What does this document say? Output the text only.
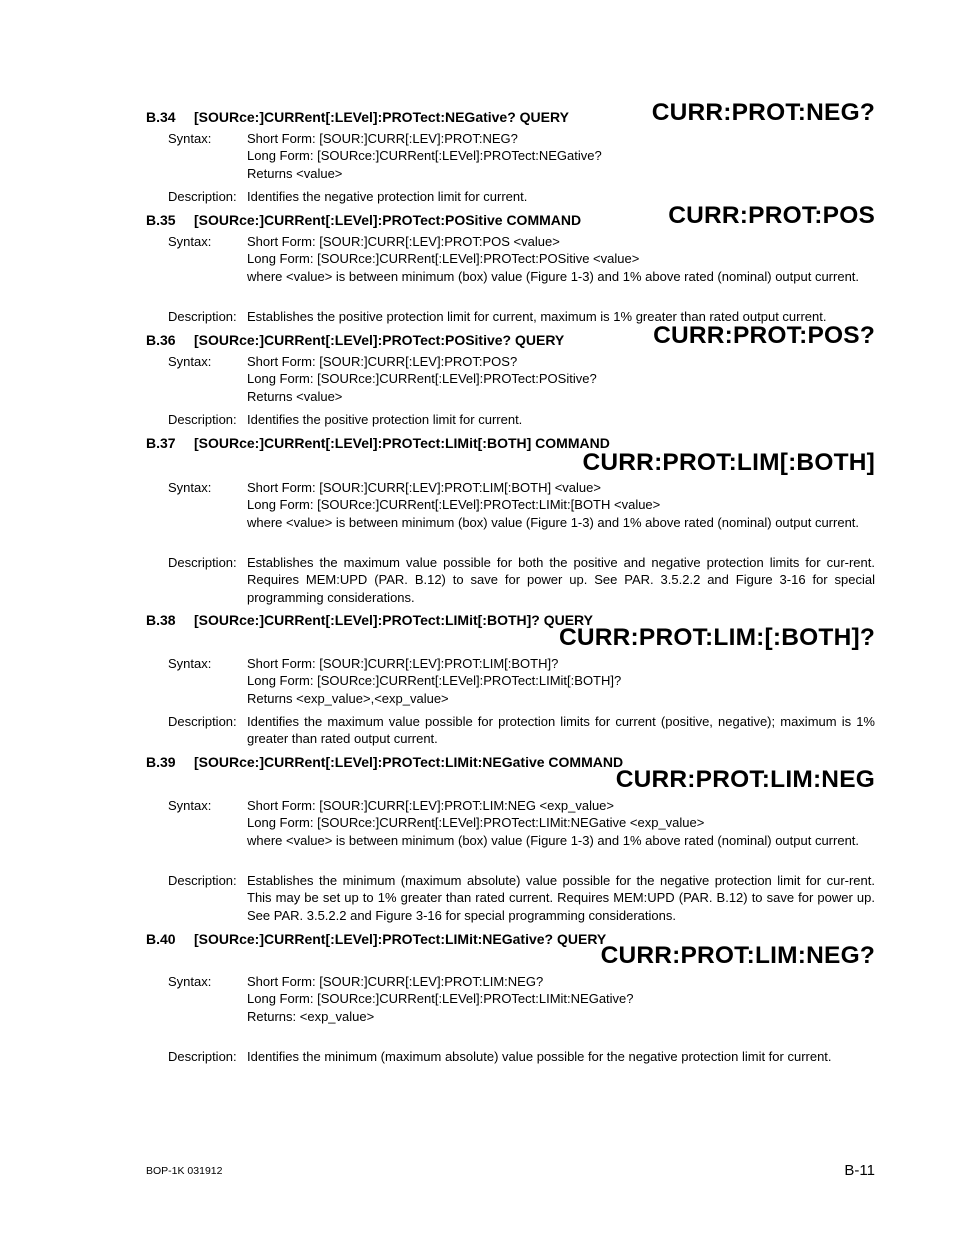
B.34 [SOURce:]CURRent[:LEVel]:PROTect:NEGative? QUERY	CURR:PROT:NEG?
Syntax:	Short Form: [SOUR:]CURR[:LEV]:PROT:NEG?
Long Form: [SOURce:]CURRent[:LEVel]:PROTect:NEGative?
Returns <value>
Description: Identifies the negative protection limit for current.
B.35 [SOURce:]CURRent[:LEVel]:PROTect:POSitive COMMAND	CURR:PROT:POS
Syntax:	Short Form: [SOUR:]CURR[:LEV]:PROT:POS <value>
Long Form: [SOURce:]CURRent[:LEVel]:PROTect:POSitive <value>
where <value> is between minimum (box) value (Figure 1-3) and 1% above rated (nominal) output current.
Description: Establishes the positive protection limit for current, maximum is 1% greater than rated output current.
B.36 [SOURce:]CURRent[:LEVel]:PROTect:POSitive? QUERY	CURR:PROT:POS?
Syntax:	Short Form: [SOUR:]CURR[:LEV]:PROT:POS?
Long Form: [SOURce:]CURRent[:LEVel]:PROTect:POSitive?
Returns <value>
Description: Identifies the positive protection limit for current.
B.37 [SOURce:]CURRent[:LEVel]:PROTect:LIMit[:BOTH] COMMAND
CURR:PROT:LIM[:BOTH]
Syntax:	Short Form: [SOUR:]CURR[:LEV]:PROT:LIM[:BOTH] <value>
Long Form: [SOURce:]CURRent[:LEVel]:PROTect:LIMit:[BOTH <value>
where <value> is between minimum (box) value (Figure 1-3) and 1% above rated (nominal) output current.
Description: Establishes the maximum value possible for both the positive and negative protection limits for cur-rent. Requires MEM:UPD (PAR. B.12) to save for power up. See PAR. 3.5.2.2 and Figure 3-16 for special programming considerations.
B.38 [SOURce:]CURRent[:LEVel]:PROTect:LIMit[:BOTH]? QUERY
CURR:PROT:LIM:[:BOTH]?
Syntax:	Short Form: [SOUR:]CURR[:LEV]:PROT:LIM[:BOTH]?
Long Form: [SOURce:]CURRent[:LEVel]:PROTect:LIMit[:BOTH]?
Returns <exp_value>,<exp_value>
Description: Identifies the maximum value possible for protection limits for current (positive, negative); maximum is 1% greater than rated output current.
B.39 [SOURce:]CURRent[:LEVel]:PROTect:LIMit:NEGative COMMAND
CURR:PROT:LIM:NEG
Syntax:	Short Form: [SOUR:]CURR[:LEV]:PROT:LIM:NEG <exp_value>
Long Form: [SOURce:]CURRent[:LEVel]:PROTect:LIMit:NEGative <exp_value>
where <value> is between minimum (box) value (Figure 1-3) and 1% above rated (nominal) output current.
Description: Establishes the minimum (maximum absolute) value possible for the negative protection limit for cur-rent. This may be set up to 1% greater than rated current. Requires MEM:UPD (PAR. B.12) to save for power up. See PAR. 3.5.2.2 and Figure 3-16 for special programming considerations.
B.40 [SOURce:]CURRent[:LEVel]:PROTect:LIMit:NEGative? QUERY
CURR:PROT:LIM:NEG?
Syntax:	Short Form: [SOUR:]CURR[:LEV]:PROT:LIM:NEG?
Long Form: [SOURce:]CURRent[:LEVel]:PROTect:LIMit:NEGative?
Returns: <exp_value>
Description: Identifies the minimum (maximum absolute) value possible for the negative protection limit for current.
BOP-1K 031912	B-11
